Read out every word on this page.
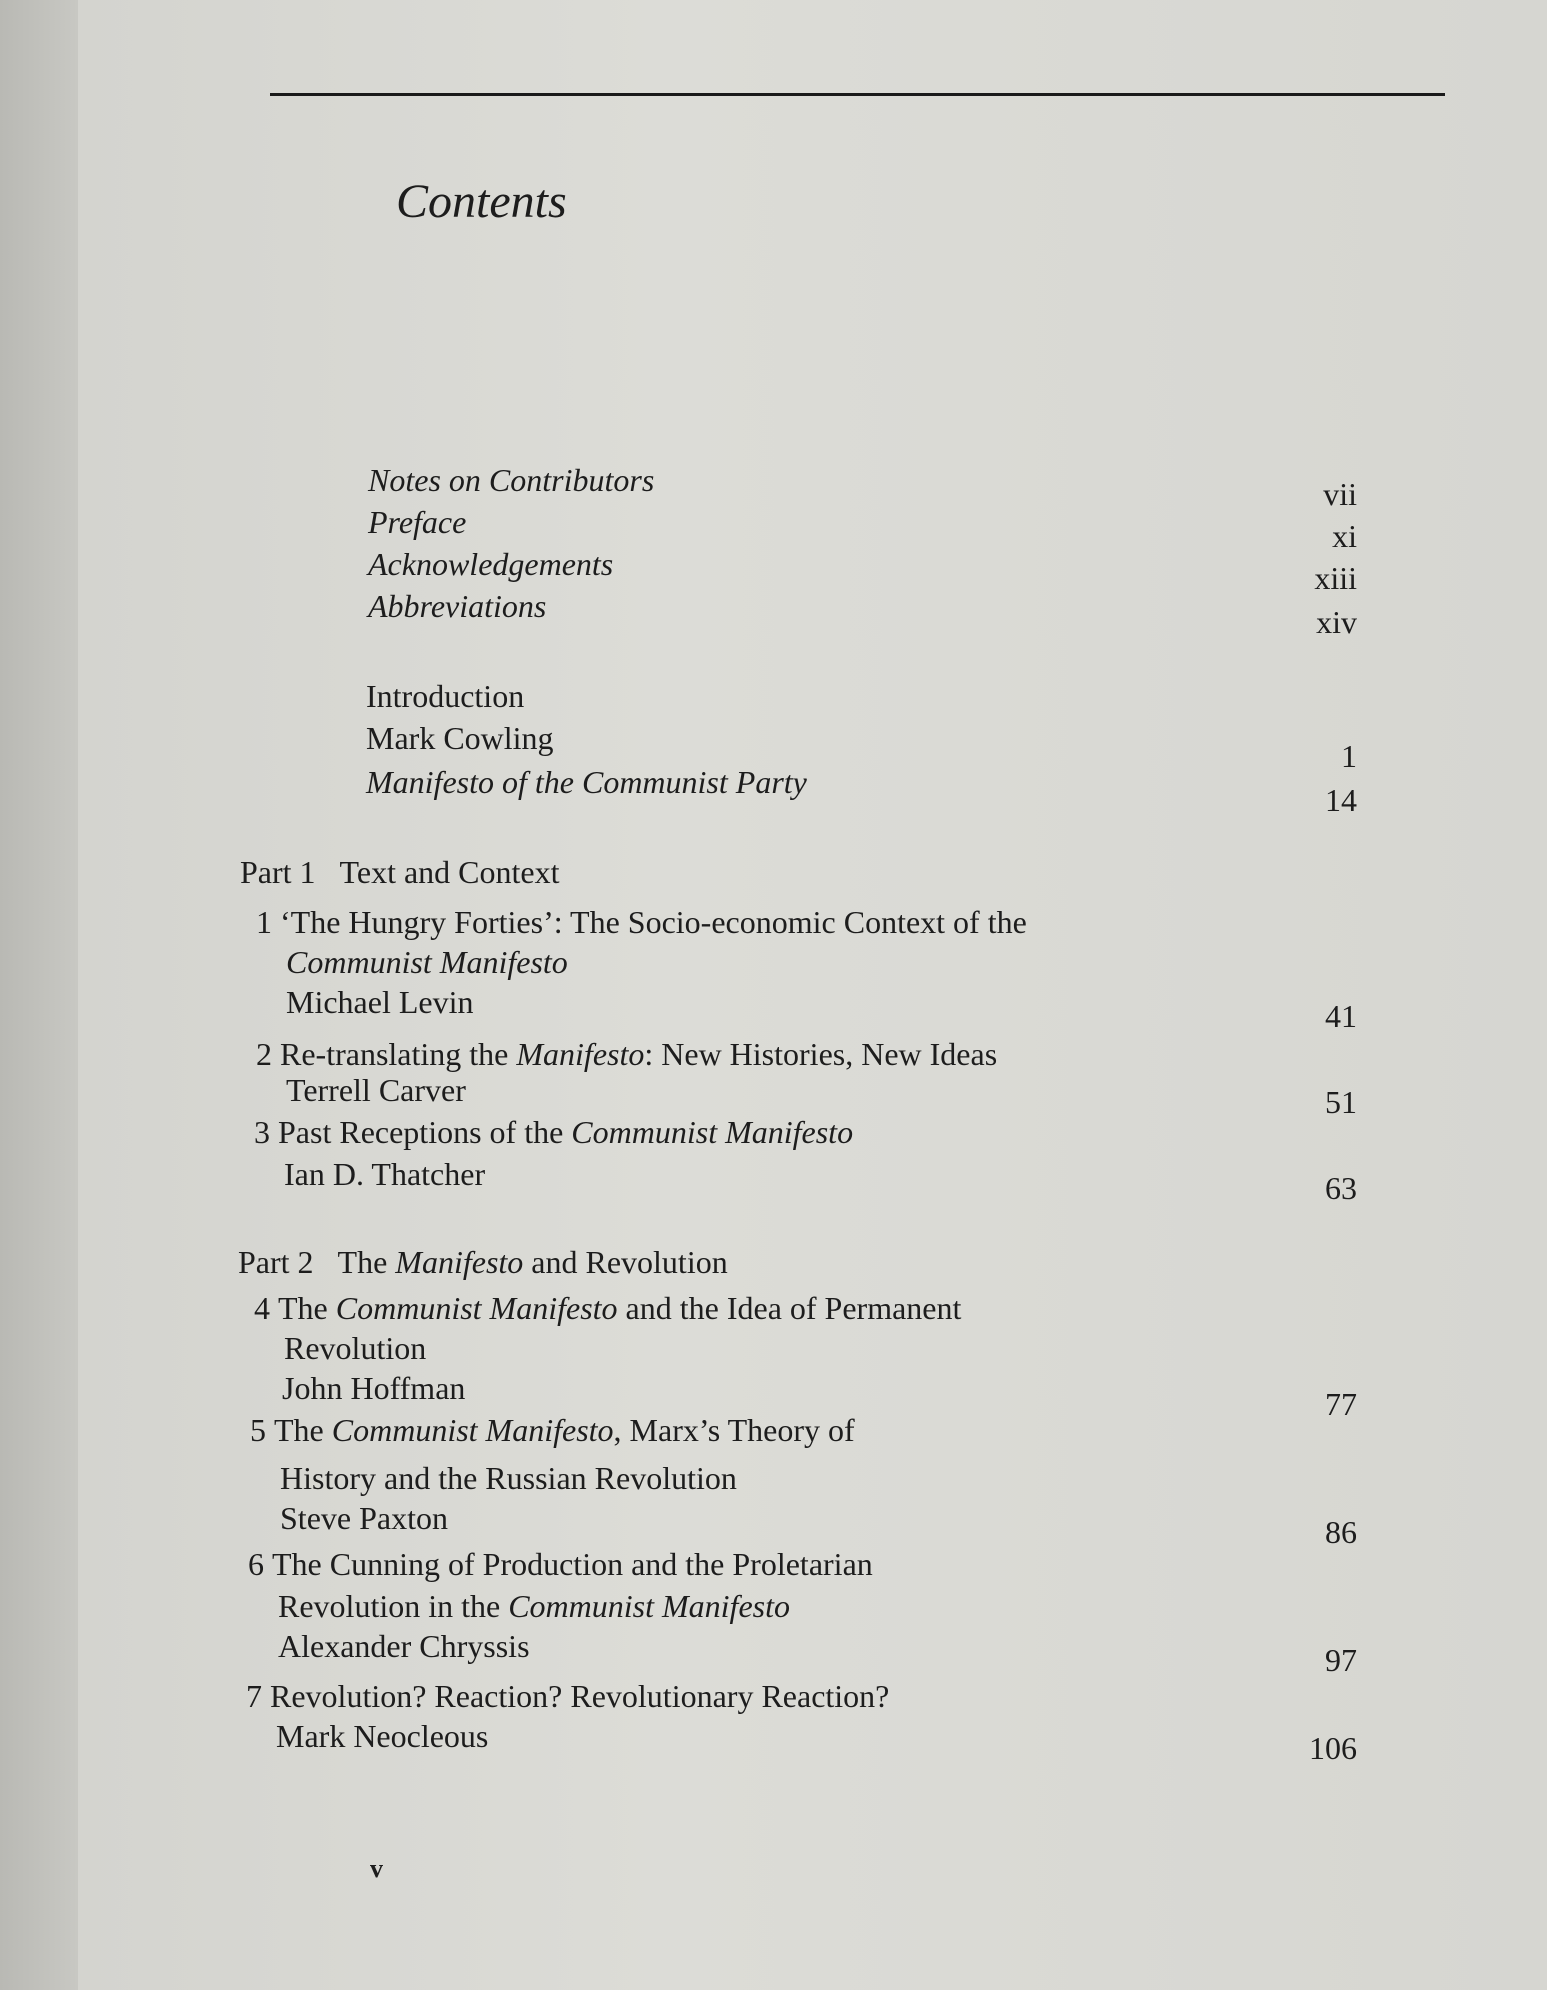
Contents
Notes on Contributors	vii
Preface	xi
Acknowledgements	xiii
Abbreviations	xiv
Introduction
Mark Cowling	1
Manifesto of the Communist Party	14
Part 1 Text and Context
1 ‘The Hungry Forties’: The Socio-economic Context of the
Communist Manifesto
Michael Levin	41
2 Re-translating the Manifesto: New Histories, New Ideas
Terrell Carver	51
3 Past Receptions of the Communist Manifesto
Ian D. Thatcher	63
Part 2 The Manifesto and Revolution
4 The Communist Manifesto and the Idea of Permanent
Revolution
John Hoffman	77
5 The Communist Manifesto, Marx’s Theory of
History and the Russian Revolution
Steve Paxton	86
6 The Cunning of Production and the Proletarian
Revolution in the Communist Manifesto
Alexander Chryssis	97
7 Revolution? Reaction? Revolutionary Reaction?
Mark Neocleous	106
v
